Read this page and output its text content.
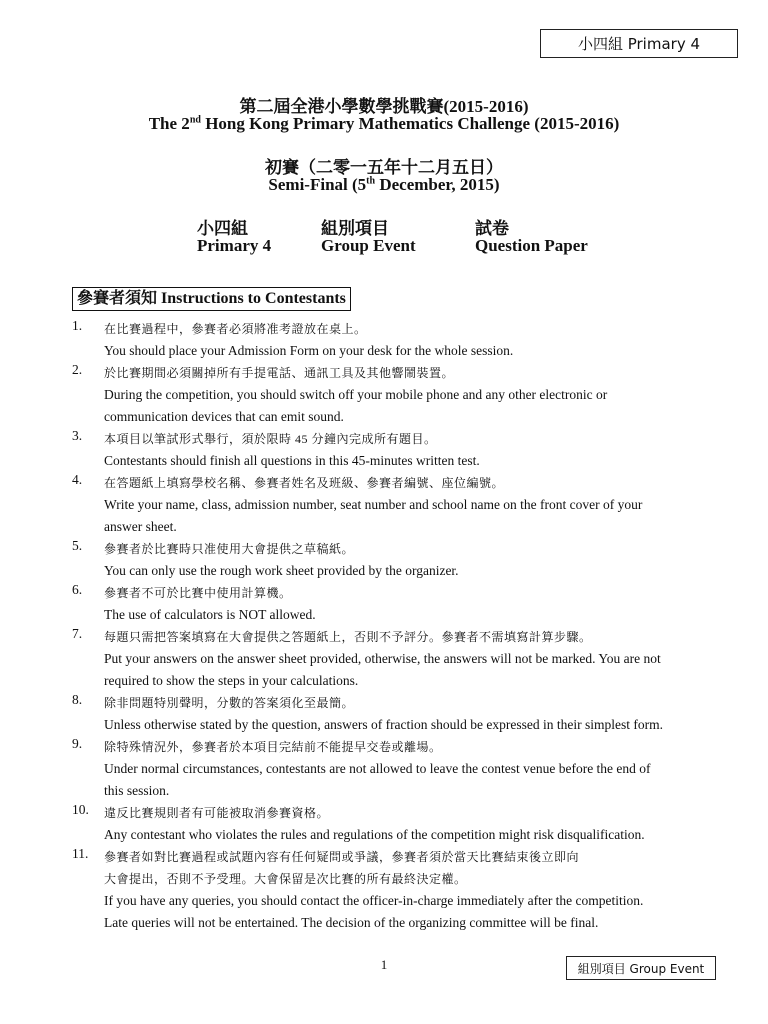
小四組 Primary 4
第二屆全港小學數學挑戰賽(2015-2016)
The 2nd Hong Kong Primary Mathematics Challenge (2015-2016)
初賽（二零一五年十二月五日）
Semi-Final (5th December, 2015)
小四組	組別項目	試卷
Primary 4	Group Event	Question Paper
參賽者須知 Instructions to Contestants
1. 在比賽過程中，參賽者必須將准考證放在桌上。
You should place your Admission Form on your desk for the whole session.
2. 於比賽期間必須關掉所有手提電話、通訊工具及其他響鬧裝置。
During the competition, you should switch off your mobile phone and any other electronic or
communication devices that can emit sound.
3. 本項目以筆試形式舉行，須於限時 45 分鐘內完成所有題目。
Contestants should finish all questions in this 45-minutes written test.
4. 在答題紙上填寫學校名稱、參賽者姓名及班級、參賽者編號、座位編號。
Write your name, class, admission number, seat number and school name on the front cover of your
answer sheet.
5. 參賽者於比賽時只准使用大會提供之草稿紙。
You can only use the rough work sheet provided by the organizer.
6. 參賽者不可於比賽中使用計算機。
The use of calculators is NOT allowed.
7. 每題只需把答案填寫在大會提供之答題紙上，否則不予評分。參賽者不需填寫計算步驟。
Put your answers on the answer sheet provided, otherwise, the answers will not be marked. You are not
required to show the steps in your calculations.
8. 除非問題特別聲明，分數的答案須化至最簡。
Unless otherwise stated by the question, answers of fraction should be expressed in their simplest form.
9. 除特殊情況外，參賽者於本項目完結前不能提早交卷或離場。
Under normal circumstances, contestants are not allowed to leave the contest venue before the end of
this session.
10. 違反比賽規則者有可能被取消參賽資格。
Any contestant who violates the rules and regulations of the competition might risk disqualification.
11. 參賽者如對比賽過程或試題內容有任何疑問或爭議，參賽者須於當天比賽結束後立即向
大會提出，否則不予受理。大會保留是次比賽的所有最終決定權。
If you have any queries, you should contact the officer-in-charge immediately after the competition.
Late queries will not be entertained. The decision of the organizing committee will be final.
1	組別項目 Group Event
